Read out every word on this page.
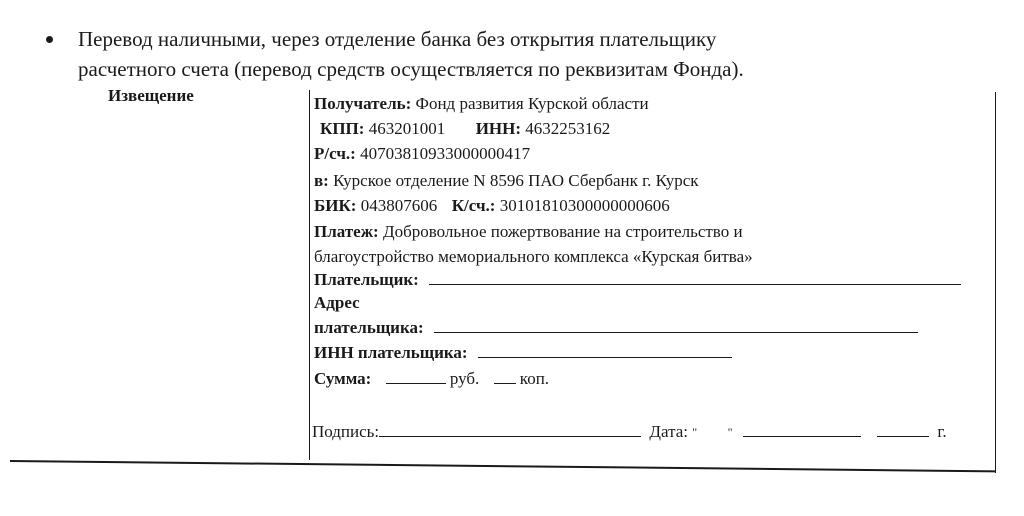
Перевод наличными, через отделение банка без открытия плательщику
расчетного счета (перевод средств осуществляется по реквизитам Фонда).
Извещение	Получатель: Фонд развития Курской области
КПП: 463201001 ИНН: 4632253162
Р/сч.: 40703810933000000417
в: Курское отделение N 8596 ПАО Сбербанк г. Курск
БИК: 043807606 К/сч.: 30101810300000000606
Платеж: Добровольное пожертвование на строительство и
благоустройство мемориального комплекса «Курская битва»
Плательщик:
Адрес
плательщика:
ИНН плательщика:
Сумма:	руб. коп.
Подпись:	Дата: "	"	г.
